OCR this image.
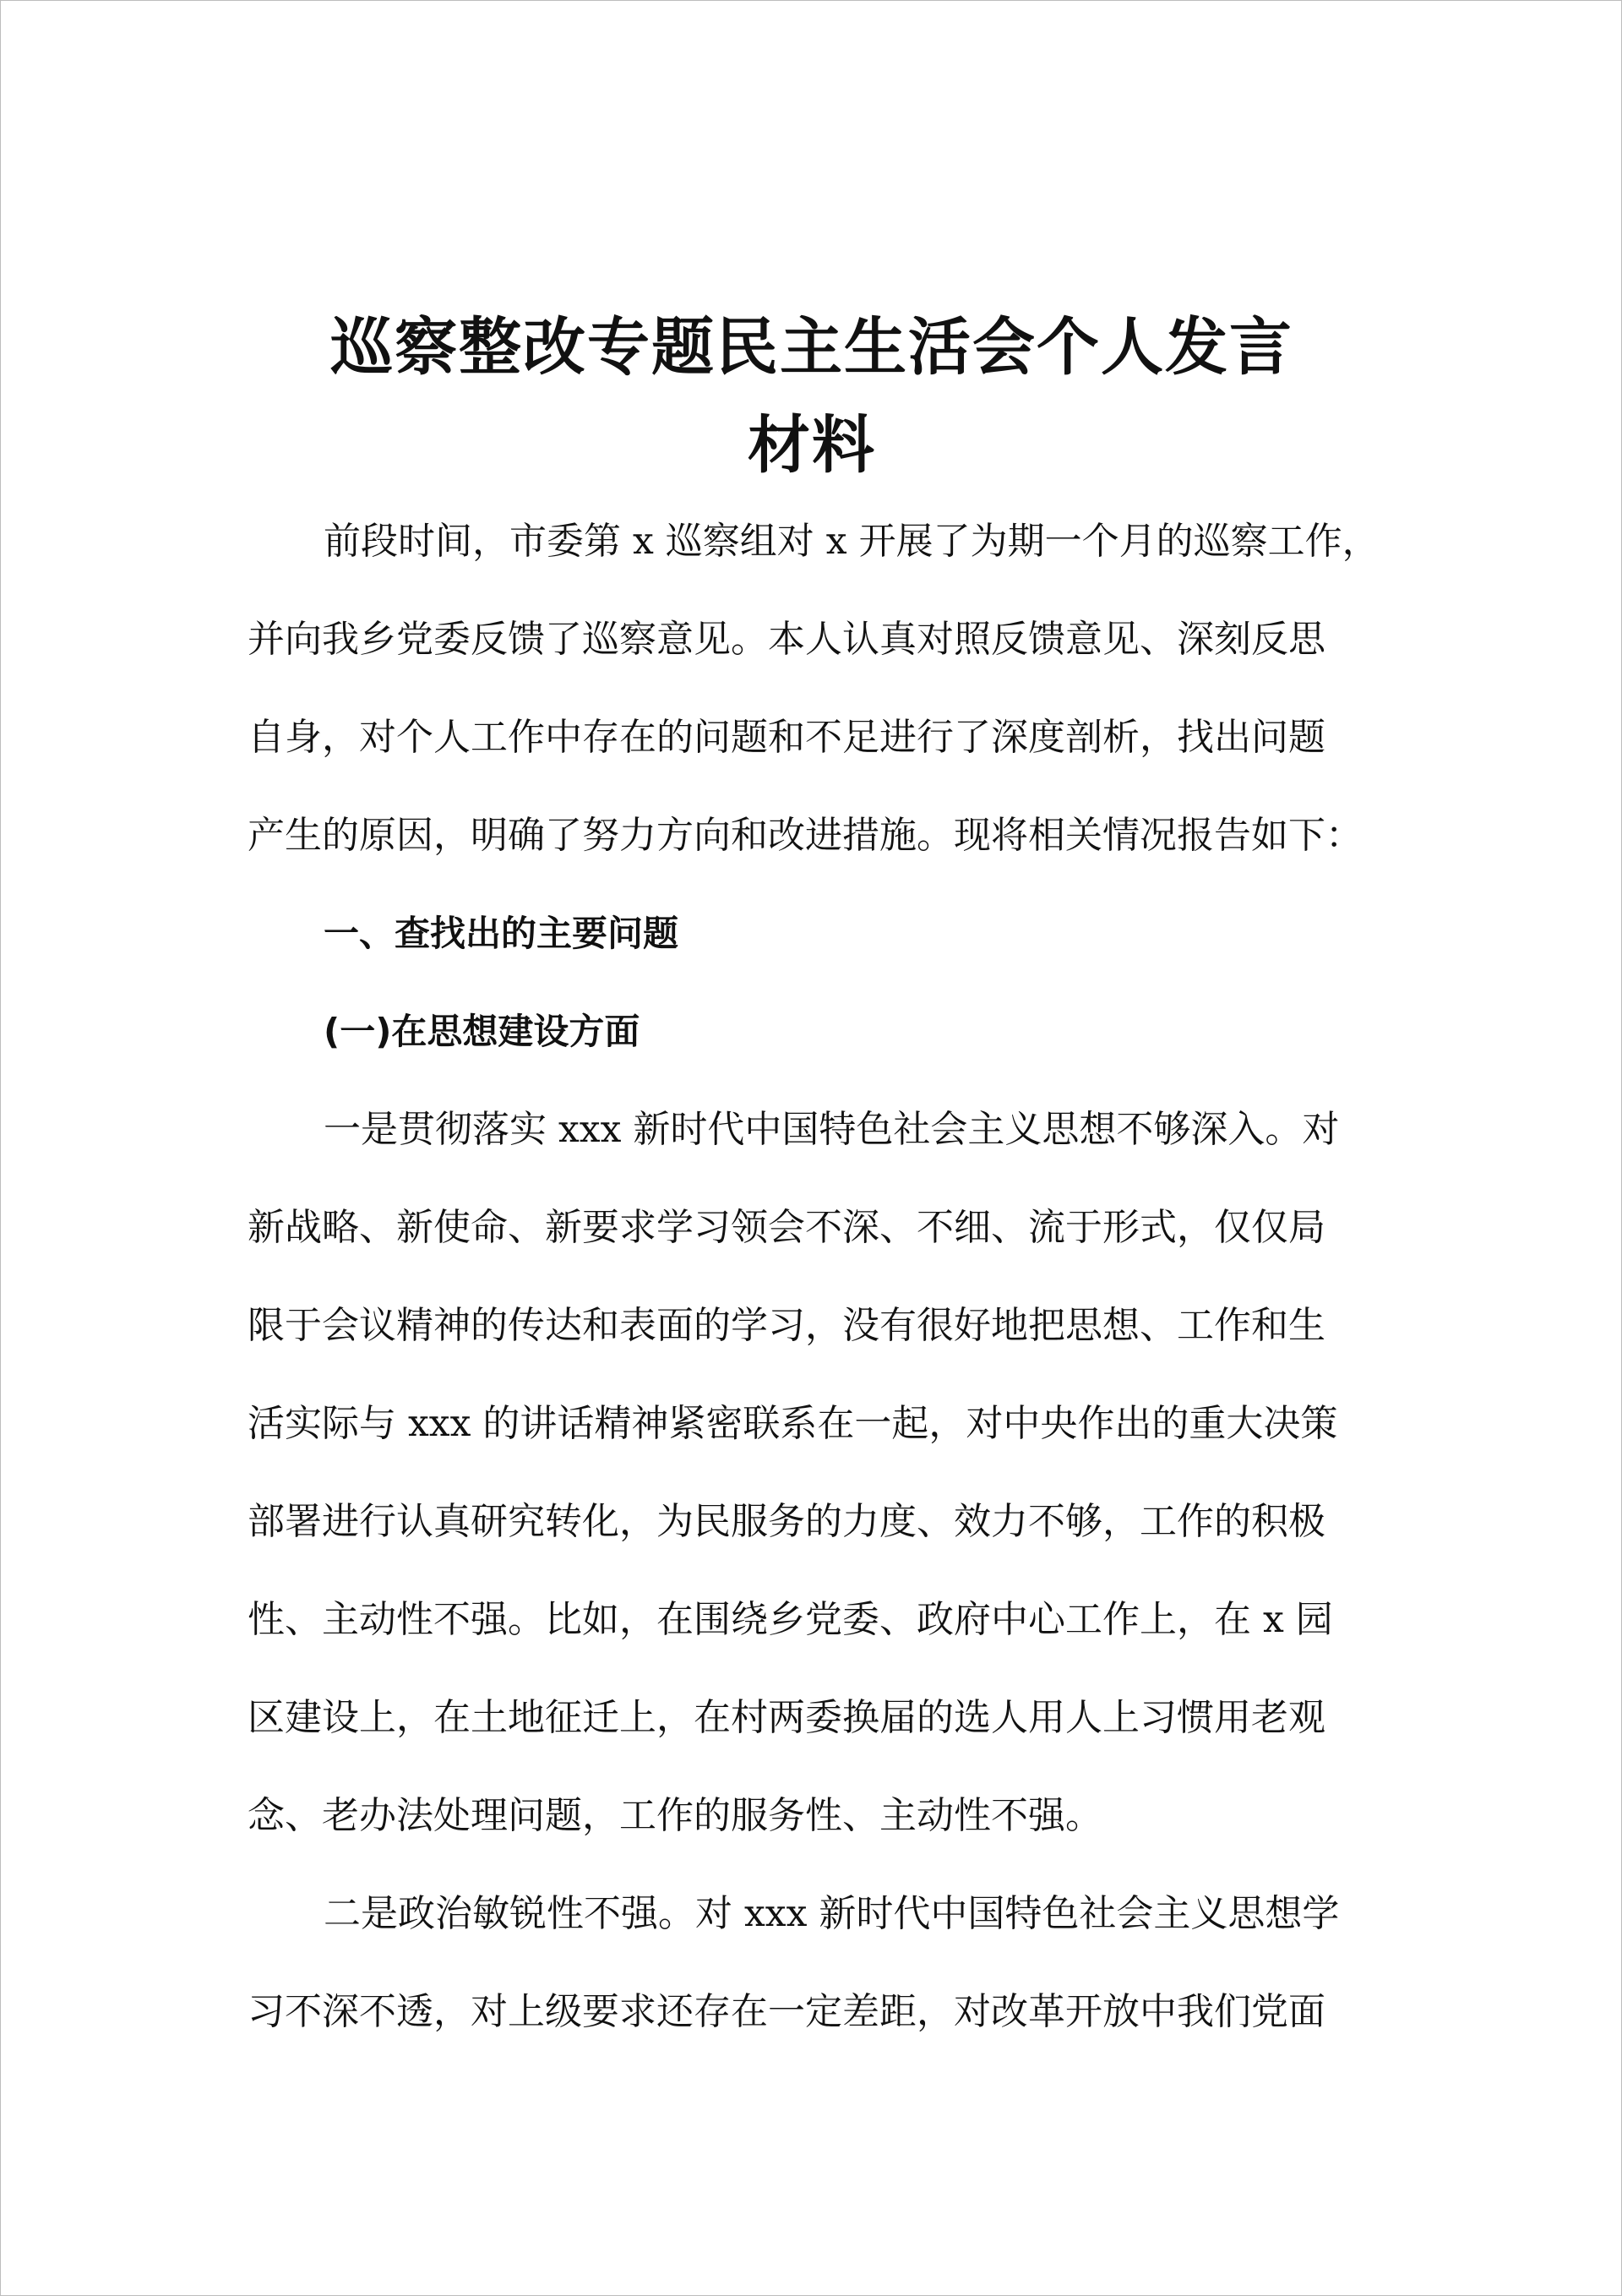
巡察整改专题民主生活会个人发言
材料

前段时间，市委第 x 巡察组对 x 开展了为期一个月的巡察工作，

并向我乡党委反馈了巡察意见。本人认真对照反馈意见、深刻反思

自身，对个人工作中存在的问题和不足进行了深度剖析，找出问题

产生的原因，明确了努力方向和改进措施。现将相关情况报告如下：

一、查找出的主要问题

(一)在思想建设方面

一是贯彻落实 xxx 新时代中国特色社会主义思想不够深入。对

新战略、新使命、新要求学习领会不深、不细、流于形式，仅仅局

限于会议精神的传达和表面的学习，没有很好地把思想、工作和生

活实际与 xxx 的讲话精神紧密联系在一起，对中央作出的重大决策

部署进行认真研究转化，为民服务的力度、效力不够，工作的积极

性、主动性不强。比如，在围绕乡党委、政府中心工作上，在 x 园

区建设上，在土地征迁上，在村两委换届的选人用人上习惯用老观

念、老办法处理问题，工作的服务性、主动性不强。

二是政治敏锐性不强。对 xxx 新时代中国特色社会主义思想学

习不深不透，对上级要求还存在一定差距，对改革开放中我们党面
